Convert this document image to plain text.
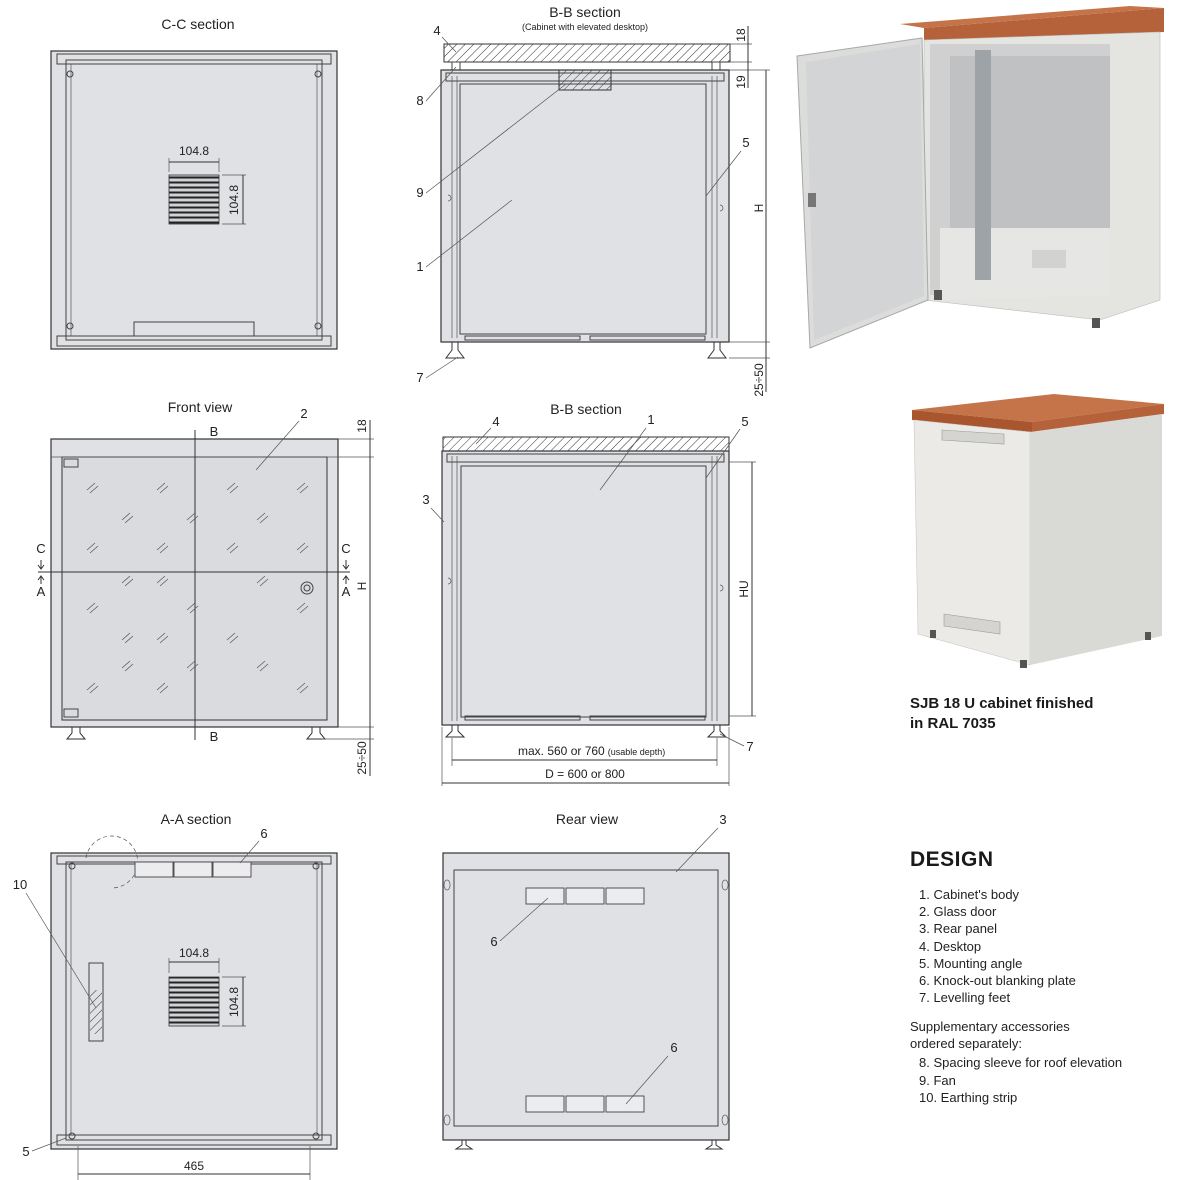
C-C section
104.8
104.8
B-B section
(Cabinet with elevated desktop)
18
19
H
25÷50
4
8
9
1
5
7
Front view
B
B
C
A
C
A
18
H
25÷50
2	B-B section
HU
max. 560 or 760 (usable depth)
D = 600 or 800
4	1	5
3
7
A-A section
104.8
104.8
465
6
10
5
Rear view	3
6
6
SJB 18 U cabinet finished
in RAL 7035
DESIGN
1. Cabinet's body
2. Glass door
3. Rear panel
4. Desktop
5. Mounting angle
6. Knock-out blanking plate
7. Levelling feet
Supplementary accessories
ordered separately:
8. Spacing sleeve for roof elevation
9. Fan
10. Earthing strip
